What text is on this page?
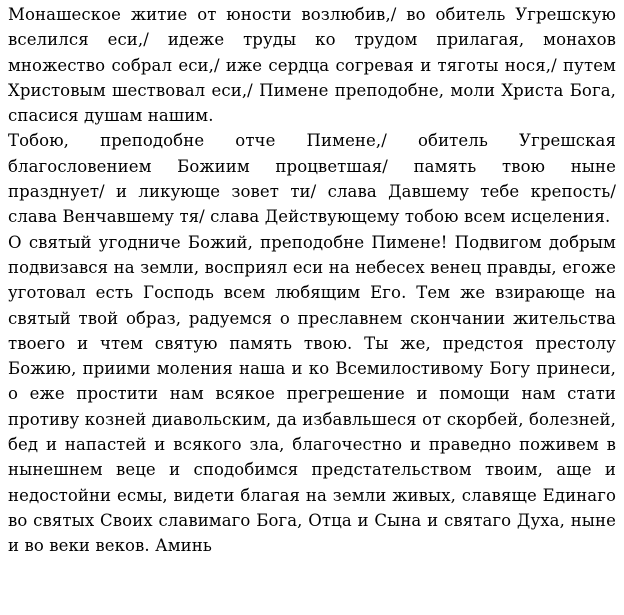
Монашеское житие от юности возлюбив,/ во обитель Угрешскую вселился еси,/ идеже труды ко трудом прилагая, монахов множество собрал еси,/ иже сердца согревая и тяготы нося,/ путем Христовым шествовал еси,/ Пимене преподобне, моли Христа Бога, спасися душам нашим.

Тобою, преподобне отче Пимене,/ обитель Угрешская благословением Божиим процветшая/ память твою ныне празднует/ и ликующе зовет ти/ слава Давшему тебе крепость/ слава Венчавшему тя/ слава Действующему тобою всем исцеления.

О святый угодниче Божий, преподобне Пимене! Подвигом добрым подвизався на земли, восприял еси на небесех венец правды, егоже уготовал есть Господь всем любящим Его. Тем же взирающе на святый твой образ, радуемся о преславнем скончании жительства твоего и чтем святую память твою. Ты же, предстоя престолу Божию, приими моления наша и ко Всемилостивому Богу принеси, о еже простити нам всякое прегрешение и помощи нам стати противу козней диавольским, да избавльшеся от скорбей, болезней, бед и напастей и всякого зла, благочестно и праведно поживем в нынешнем веце и сподобимся предстательством твоим, аще и недостойни есмы, видети благая на земли живых, славяще Единаго во святых Своих славимаго Бога, Отца и Сына и святаго Духа, ныне и во веки веков. Аминь
